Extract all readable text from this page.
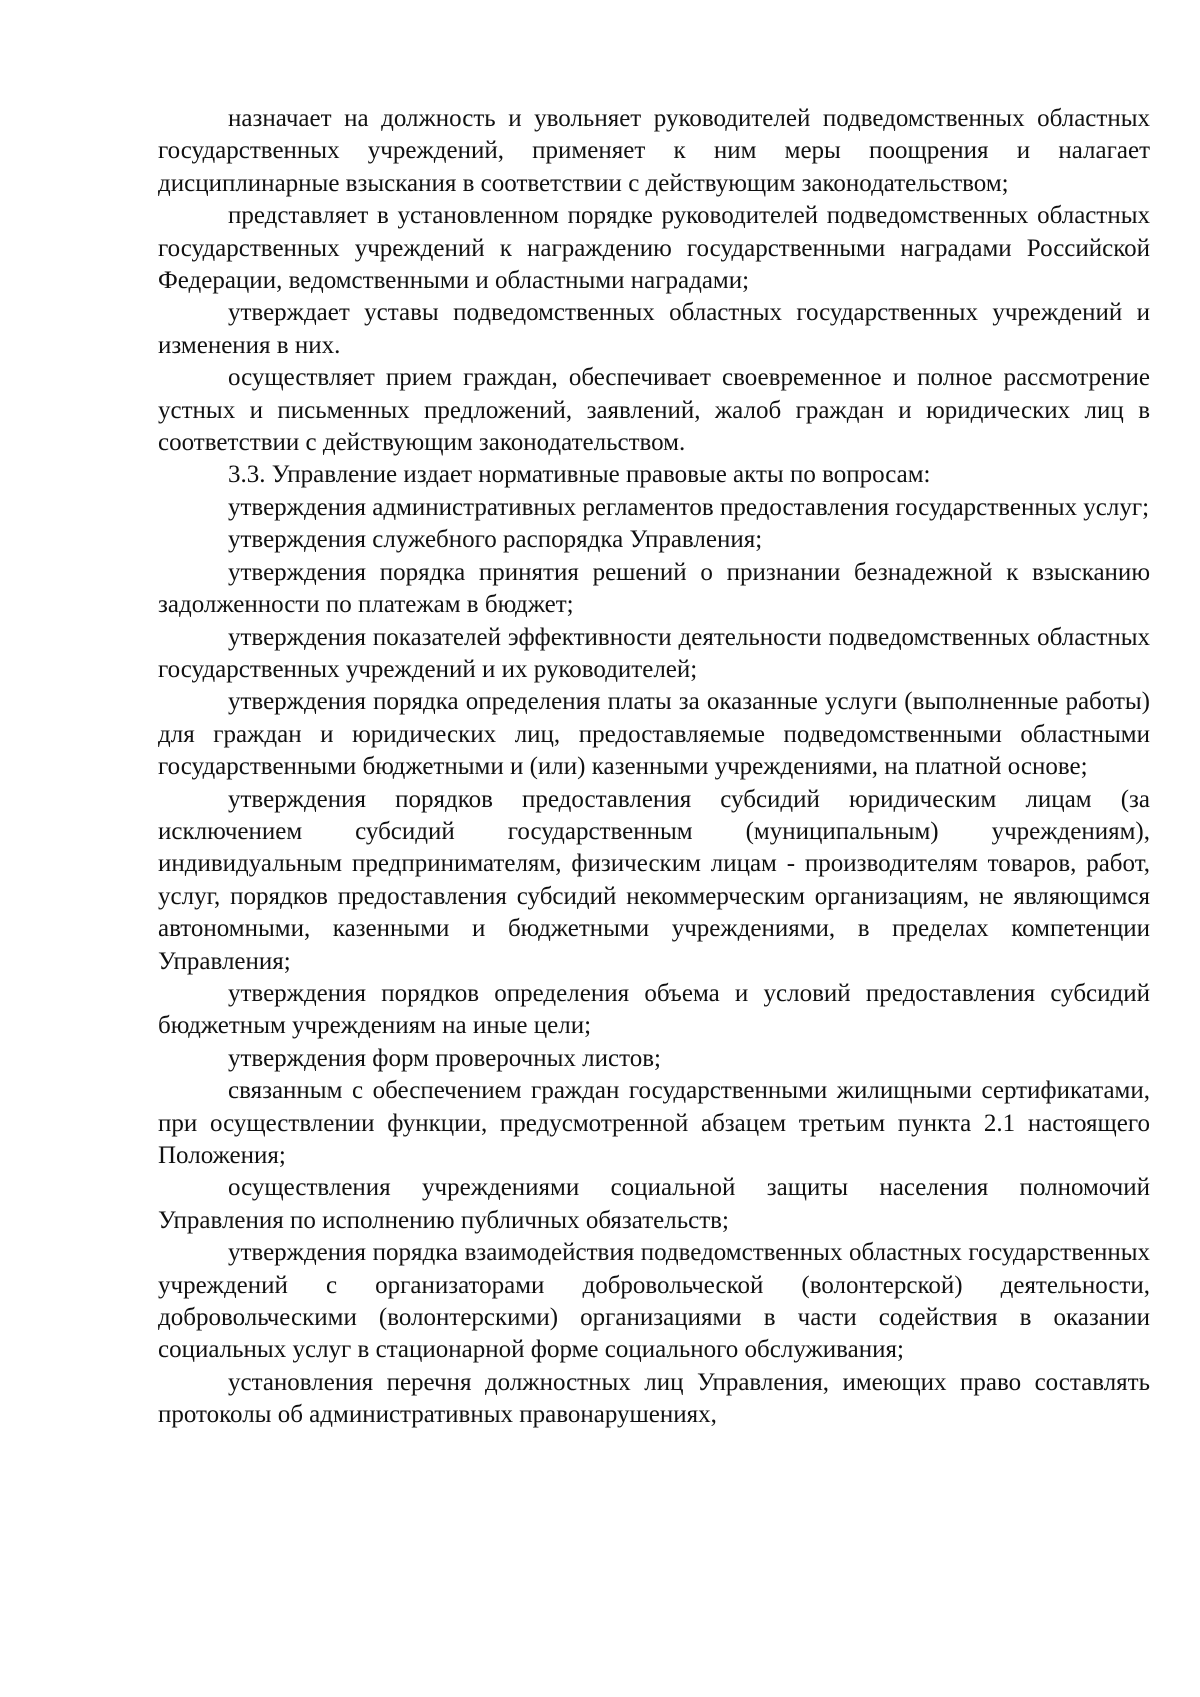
назначает на должность и увольняет руководителей подведомственных областных государственных учреждений, применяет к ним меры поощрения и налагает дисциплинарные взыскания в соответствии с действующим законодательством;

представляет в установленном порядке руководителей подведомственных областных государственных учреждений к награждению государственными наградами Российской Федерации, ведомственными и областными наградами;

утверждает уставы подведомственных областных государственных учреждений и изменения в них.

осуществляет прием граждан, обеспечивает своевременное и полное рассмотрение устных и письменных предложений, заявлений, жалоб граждан и юридических лиц в соответствии с действующим законодательством.

3.3. Управление издает нормативные правовые акты по вопросам:

утверждения административных регламентов предоставления государственных услуг;

утверждения служебного распорядка Управления;

утверждения порядка принятия решений о признании безнадежной к взысканию задолженности по платежам в бюджет;

утверждения показателей эффективности деятельности подведомственных областных государственных учреждений и их руководителей;

утверждения порядка определения платы за оказанные услуги (выполненные работы) для граждан и юридических лиц, предоставляемые подведомственными областными государственными бюджетными и (или) казенными учреждениями, на платной основе;

утверждения порядков предоставления субсидий юридическим лицам (за исключением субсидий государственным (муниципальным) учреждениям), индивидуальным предпринимателям, физическим лицам - производителям товаров, работ, услуг, порядков предоставления субсидий некоммерческим организациям, не являющимся автономными, казенными и бюджетными учреждениями, в пределах компетенции Управления;

утверждения порядков определения объема и условий предоставления субсидий бюджетным учреждениям на иные цели;

утверждения форм проверочных листов;

связанным с обеспечением граждан государственными жилищными сертификатами, при осуществлении функции, предусмотренной абзацем третьим пункта 2.1 настоящего Положения;

осуществления учреждениями социальной защиты населения полномочий Управления по исполнению публичных обязательств;

утверждения порядка взаимодействия подведомственных областных государственных учреждений с организаторами добровольческой (волонтерской) деятельности, добровольческими (волонтерскими) организациями в части содействия в оказании социальных услуг в стационарной форме социального обслуживания;

установления перечня должностных лиц Управления, имеющих право составлять протоколы об административных правонарушениях,
